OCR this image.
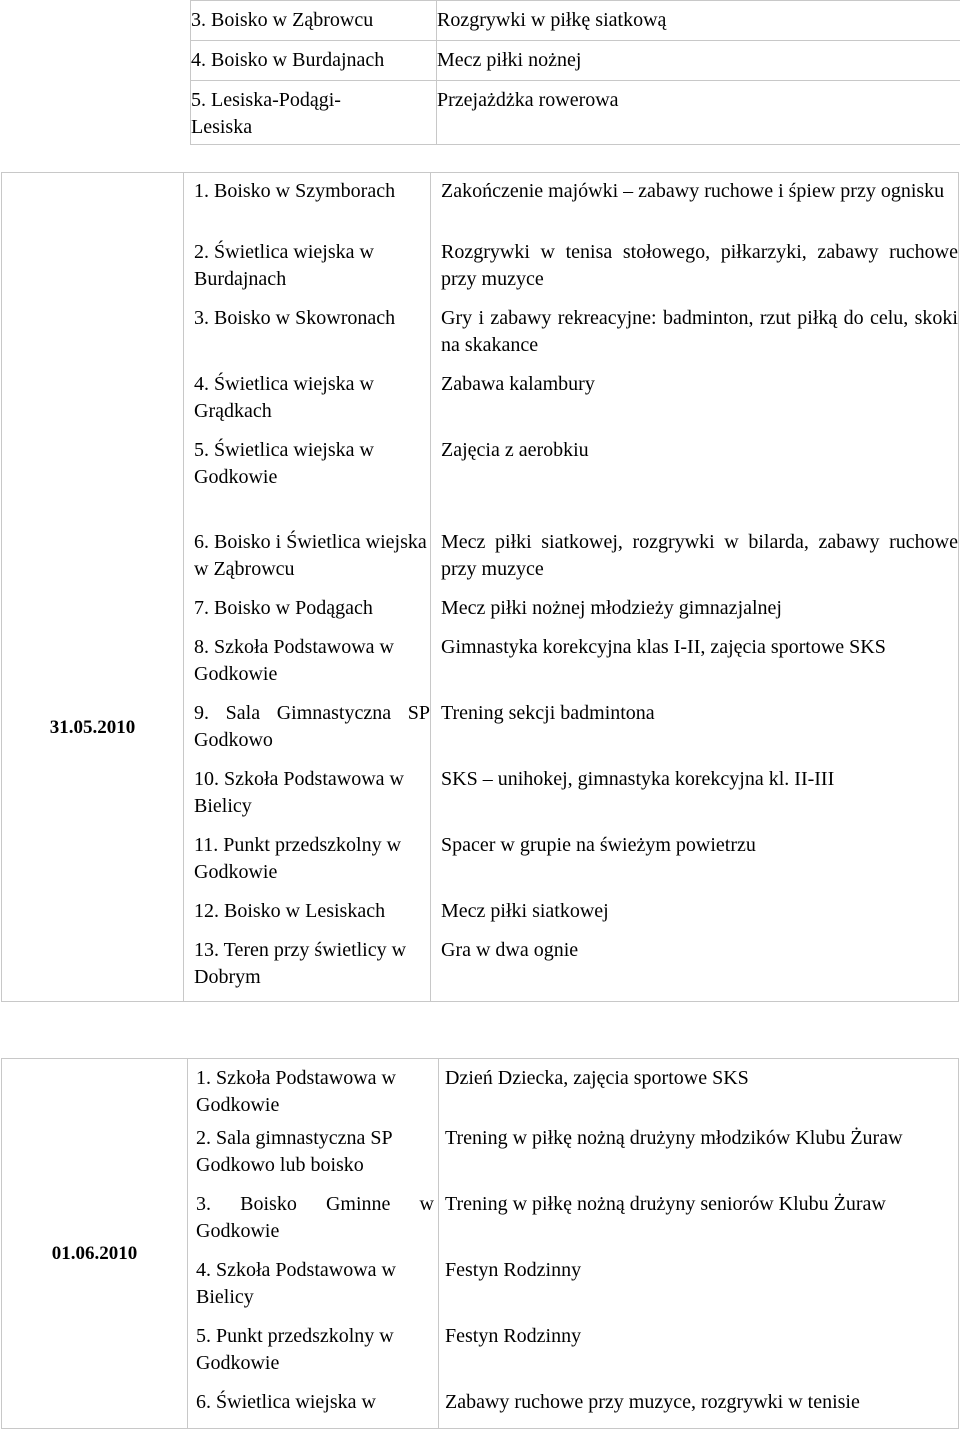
3. Boisko w Ząbrowcu	Rozgrywki w piłkę siatkową
4. Boisko w Burdajnach	Mecz piłki nożnej
5. Lesiska-Podągi-Lesiska	Przejażdżka rowerowa
31.05.2010	1. Boisko w Szymborach	Zakończenie majówki – zabawy ruchowe i śpiew przy ognisku
	2. Świetlica wiejska w Burdajnach	Rozgrywki w tenisa stołowego, piłkarzyki, zabawy ruchowe przy muzyce
	3. Boisko w Skowronach	Gry i zabawy rekreacyjne: badminton, rzut piłką do celu, skoki na skakance
	4. Świetlica wiejska w Grądkach	Zabawa kalambury
	5. Świetlica wiejska w Godkowie	Zajęcia z aerobkiu
	6. Boisko i Świetlica wiejska w Ząbrowcu	Mecz piłki siatkowej, rozgrywki w bilarda, zabawy ruchowe przy muzyce
	7. Boisko w Podągach	Mecz piłki nożnej młodzieży gimnazjalnej
	8. Szkoła Podstawowa w Godkowie	Gimnastyka korekcyjna klas I-II, zajęcia sportowe SKS
	9. Sala Gimnastyczna SP Godkowo	Trening sekcji badmintona
	10. Szkoła Podstawowa w Bielicy	SKS – unihokej, gimnastyka korekcyjna kl. II-III
	11. Punkt przedszkolny w Godkowie	Spacer w grupie na świeżym powietrzu
	12. Boisko w Lesiskach	Mecz piłki siatkowej
	13. Teren przy świetlicy w Dobrym	Gra w dwa ognie
01.06.2010	1. Szkoła Podstawowa w Godkowie	Dzień Dziecka, zajęcia sportowe SKS
	2. Sala gimnastyczna SP Godkowo lub boisko	Trening w piłkę nożną drużyny młodzików Klubu Żuraw
	3. Boisko Gminne w Godkowie	Trening w piłkę nożną drużyny seniorów Klubu Żuraw
	4. Szkoła Podstawowa w Bielicy	Festyn Rodzinny
	5. Punkt przedszkolny w Godkowie	Festyn Rodzinny
	6. Świetlica wiejska w	Zabawy ruchowe przy muzyce, rozgrywki w tenisie
